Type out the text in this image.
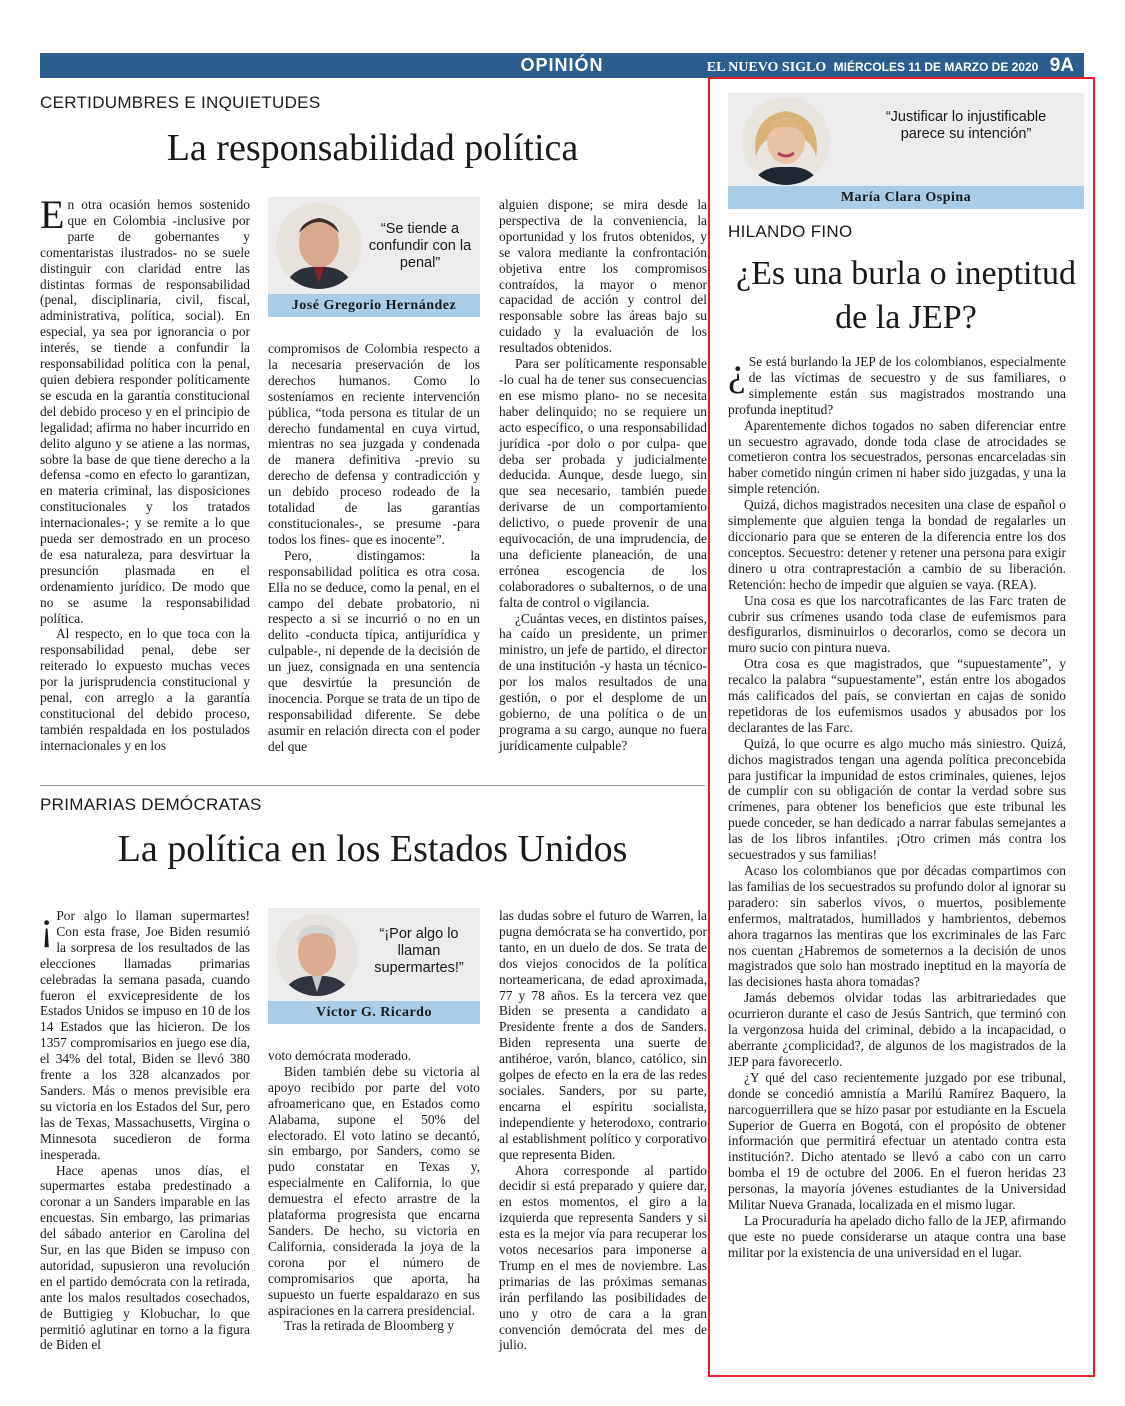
OPINIÓN	EL NUEVO SIGLO MIÉRCOLES 11 DE MARZO DE 2020 9A
CERTIDUMBRES E INQUIETUDES
La responsabilidad política

En otra ocasión hemos sostenido que en Colombia -inclusive por parte de gobernantes y comentaristas ilustrados- no se suele distinguir con claridad entre las distintas formas de responsabilidad (penal, disciplinaria, civil, fiscal, administrativa, política, social). En especial, ya sea por ignorancia o por interés, se tiende a confundir la responsabilidad política con la penal, quien debiera responder políticamente se escuda en la garantía constitucional del debido proceso y en el principio de legalidad; afirma no haber incurrido en delito alguno y se atiene a las normas, sobre la base de que tiene derecho a la defensa -como en efecto lo garantizan, en materia criminal, las disposiciones constitucionales y los tratados internacionales-; y se remite a lo que pueda ser demostrado en un proceso de esa naturaleza, para desvirtuar la presunción plasmada en el ordenamiento jurídico. De modo que no se asume la responsabilidad política.

Al respecto, en lo que toca con la responsabilidad penal, debe ser reiterado lo expuesto muchas veces por la jurisprudencia constitucional y penal, con arreglo a la garantía constitucional del debido proceso, también respaldada en los postulados internacionales y en los

“Se tiende a confundir con la penal”
José Gregorio Hernández

compromisos de Colombia respecto a la necesaria preservación de los derechos humanos. Como lo sosteníamos en reciente intervención pública, “toda persona es titular de un derecho fundamental en cuya virtud, mientras no sea juzgada y condenada de manera definitiva -previo su derecho de defensa y contradicción y un debido proceso rodeado de la totalidad de las garantías constitucionales-, se presume -para todos los fines- que es inocente”.

Pero, distingamos: la responsabilidad política es otra cosa. Ella no se deduce, como la penal, en el campo del debate probatorio, ni respecto a si se incurrió o no en un delito -conducta típica, antijurídica y culpable-, ni depende de la decisión de un juez, consignada en una sentencia que desvirtúe la presunción de inocencia. Porque se trata de un tipo de responsabilidad diferente. Se debe asumir en relación directa con el poder del que

alguien dispone; se mira desde la perspectiva de la conveniencia, la oportunidad y los frutos obtenidos, y se valora mediante la confrontación objetiva entre los compromisos contraídos, la mayor o menor capacidad de acción y control del responsable sobre las áreas bajo su cuidado y la evaluación de los resultados obtenidos.

Para ser políticamente responsable -lo cual ha de tener sus consecuencias en ese mismo plano- no se necesita haber delinquido; no se requiere un acto específico, o una responsabilidad jurídica -por dolo o por culpa- que deba ser probada y judicialmente deducida. Aunque, desde luego, sin que sea necesario, también puede derivarse de un comportamiento delictivo, o puede provenir de una equivocación, de una imprudencia, de una deficiente planeación, de una errónea escogencia de los colaboradores o subalternos, o de una falta de control o vigilancia.

¿Cuántas veces, en distintos países, ha caído un presidente, un primer ministro, un jefe de partido, el director de una institución -y hasta un técnico- por los malos resultados de una gestión, o por el desplome de un gobierno, de una política o de un programa a su cargo, aunque no fuera jurídicamente culpable?

PRIMARIAS DEMÓCRATAS
La política en los Estados Unidos

¡ Por algo lo llaman supermartes! Con esta frase, Joe Biden resumió la sorpresa de los resultados de las elecciones llamadas primarias celebradas la semana pasada, cuando fueron el exvicepresidente de los Estados Unidos se impuso en 10 de los 14 Estados que las hicieron. De los 1357 compromisarios en juego ese día, el 34% del total, Biden se llevó 380 frente a los 328 alcanzados por Sanders. Más o menos previsible era su victoria en los Estados del Sur, pero las de Texas, Massachusetts, Virgina o Minnesota sucedieron de forma inesperada.

Hace apenas unos días, el supermartes estaba predestinado a coronar a un Sanders imparable en las encuestas. Sin embargo, las primarias del sábado anterior en Carolina del Sur, en las que Biden se impuso con autoridad, supusieron una revolución en el partido demócrata con la retirada, ante los malos resultados cosechados, de Buttigieg y Klobuchar, lo que permitió aglutinar en torno a la figura de Biden el

“¡Por algo lo llaman supermartes!”
Víctor G. Ricardo

voto demócrata moderado.

Biden también debe su victoria al apoyo recibido por parte del voto afroamericano que, en Estados como Alabama, supone el 50% del electorado. El voto latino se decantó, sin embargo, por Sanders, como se pudo constatar en Texas y, especialmente en California, lo que demuestra el efecto arrastre de la plataforma progresista que encarna Sanders. De hecho, su victoria en California, considerada la joya de la corona por el número de compromisarios que aporta, ha supuesto un fuerte espaldarazo en sus aspiraciones en la carrera presidencial.

Tras la retirada de Bloomberg y

las dudas sobre el futuro de Warren, la pugna demócrata se ha convertido, por tanto, en un duelo de dos. Se trata de dos viejos conocidos de la política norteamericana, de edad aproximada, 77 y 78 años. Es la tercera vez que Biden se presenta a candidato a Presidente frente a dos de Sanders. Biden representa una suerte de antihéroe, varón, blanco, católico, sin golpes de efecto en la era de las redes sociales. Sanders, por su parte, encarna el espíritu socialista, independiente y heterodoxo, contrario al establishment político y corporativo que representa Biden.

Ahora corresponde al partido decidir si está preparado y quiere dar, en estos momentos, el giro a la izquierda que representa Sanders y si esta es la mejor vía para recuperar los votos necesarios para imponerse a Trump en el mes de noviembre. Las primarias de las próximas semanas irán perfilando las posibilidades de uno y otro de cara a la gran convención demócrata del mes de julio.

“Justificar lo injustificable parece su intención”
María Clara Ospina
HILANDO FINO
¿Es una burla o ineptitud de la JEP?

¿ Se está burlando la JEP de los colombianos, especialmente de las víctimas de secuestro y de sus familiares, o simplemente están sus magistrados mostrando una profunda ineptitud?

Aparentemente dichos togados no saben diferenciar entre un secuestro agravado, donde toda clase de atrocidades se cometieron contra los secuestrados, personas encarceladas sin haber cometido ningún crimen ni haber sido juzgadas, y una la simple retención.

Quizá, dichos magistrados necesiten una clase de español o simplemente que alguien tenga la bondad de regalarles un diccionario para que se enteren de la diferencia entre los dos conceptos. Secuestro: detener y retener una persona para exigir dinero u otra contraprestación a cambio de su liberación. Retención: hecho de impedir que alguien se vaya. (REA).

Una cosa es que los narcotraficantes de las Farc traten de cubrir sus crímenes usando toda clase de eufemismos para desfigurarlos, disminuirlos o decorarlos, como se decora un muro sucio con pintura nueva.

Otra cosa es que magistrados, que “supuestamente”, y recalco la palabra “supuestamente”, están entre los abogados más calificados del país, se conviertan en cajas de sonido repetidoras de los eufemismos usados y abusados por los declarantes de las Farc.

Quizá, lo que ocurre es algo mucho más siniestro. Quizá, dichos magistrados tengan una agenda política preconcebida para justificar la impunidad de estos criminales, quienes, lejos de cumplir con su obligación de contar la verdad sobre sus crímenes, para obtener los beneficios que este tribunal les puede conceder, se han dedicado a narrar fabulas semejantes a las de los libros infantiles. ¡Otro crimen más contra los secuestrados y sus familias!

Acaso los colombianos que por décadas compartimos con las familias de los secuestrados su profundo dolor al ignorar su paradero: sin saberlos vivos, o muertos, posiblemente enfermos, maltratados, humillados y hambrientos, debemos ahora tragarnos las mentiras que los excriminales de las Farc nos cuentan ¿Habremos de someternos a la decisión de unos magistrados que solo han mostrado ineptitud en la mayoría de las decisiones hasta ahora tomadas?

Jamás debemos olvidar todas las arbitrariedades que ocurrieron durante el caso de Jesús Santrich, que terminó con la vergonzosa huida del criminal, debido a la incapacidad, o aberrante ¿complicidad?, de algunos de los magistrados de la JEP para favorecerlo.

¿Y qué del caso recientemente juzgado por ese tribunal, donde se concedió amnistía a Marilú Ramírez Baquero, la narcoguerrillera que se hizo pasar por estudiante en la Escuela Superior de Guerra en Bogotá, con el propósito de obtener información que permitirá efectuar un atentado contra esta institución?. Dicho atentado se llevó a cabo con un carro bomba el 19 de octubre del 2006. En el fueron heridas 23 personas, la mayoría jóvenes estudiantes de la Universidad Militar Nueva Granada, localizada en el mismo lugar.

La Procuraduría ha apelado dicho fallo de la JEP, afirmando que este no puede considerarse un ataque contra una base militar por la existencia de una universidad en el lugar.
